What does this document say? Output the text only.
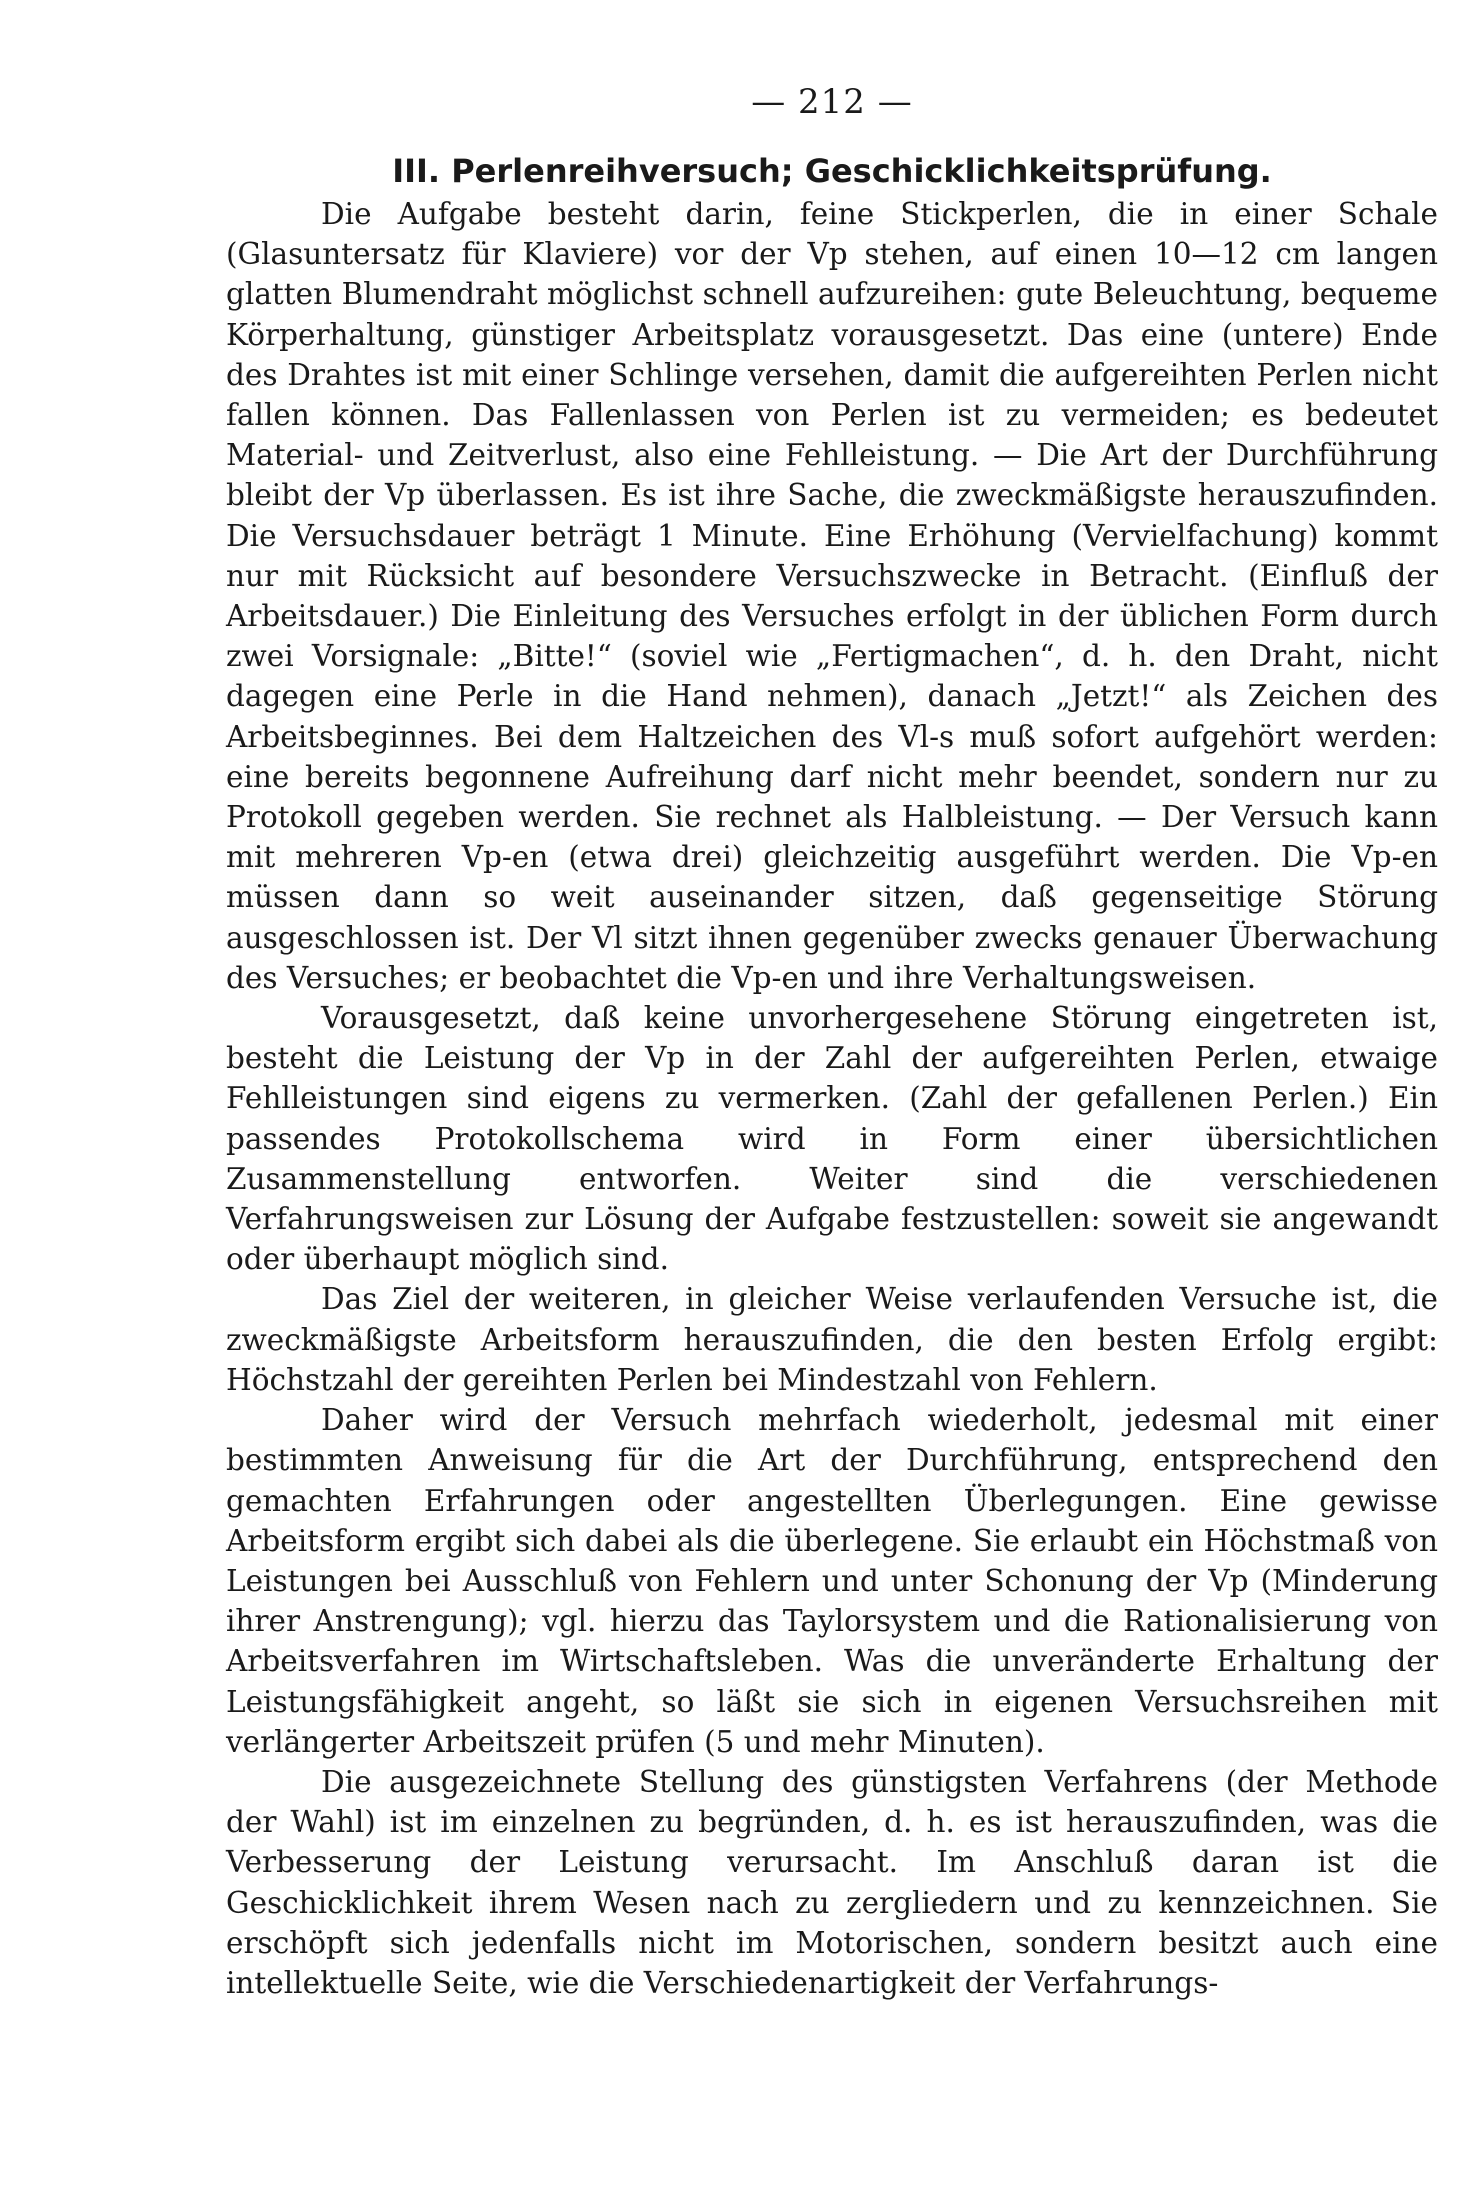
— 212 —
III. Perlenreihversuch; Geschicklichkeitsprüfung.

Die Aufgabe besteht darin, feine Stickperlen, die in einer Schale (Glasuntersatz für Klaviere) vor der Vp stehen, auf einen 10—12 cm langen glatten Blumendraht möglichst schnell aufzureihen: gute Beleuchtung, bequeme Körperhaltung, günstiger Arbeitsplatz vorausgesetzt. Das eine (untere) Ende des Drahtes ist mit einer Schlinge versehen, damit die aufgereihten Perlen nicht fallen können. Das Fallenlassen von Perlen ist zu vermeiden; es bedeutet Material- und Zeitverlust, also eine Fehlleistung. — Die Art der Durchführung bleibt der Vp überlassen. Es ist ihre Sache, die zweckmäßigste herauszufinden. Die Versuchsdauer beträgt 1 Minute. Eine Erhöhung (Vervielfachung) kommt nur mit Rücksicht auf besondere Versuchszwecke in Betracht. (Einfluß der Arbeitsdauer.) Die Einleitung des Versuches erfolgt in der üblichen Form durch zwei Vorsignale: „Bitte!“ (soviel wie „Fertigmachen“, d. h. den Draht, nicht dagegen eine Perle in die Hand nehmen), danach „Jetzt!“ als Zeichen des Arbeitsbeginnes. Bei dem Haltzeichen des Vl-s muß sofort aufgehört werden: eine bereits begonnene Aufreihung darf nicht mehr beendet, sondern nur zu Protokoll gegeben werden. Sie rechnet als Halbleistung. — Der Versuch kann mit mehreren Vp-en (etwa drei) gleichzeitig ausgeführt werden. Die Vp-en müssen dann so weit auseinander sitzen, daß gegenseitige Störung ausgeschlossen ist. Der Vl sitzt ihnen gegenüber zwecks genauer Überwachung des Versuches; er beobachtet die Vp-en und ihre Verhaltungsweisen.

Vorausgesetzt, daß keine unvorhergesehene Störung eingetreten ist, besteht die Leistung der Vp in der Zahl der aufgereihten Perlen, etwaige Fehlleistungen sind eigens zu vermerken. (Zahl der gefallenen Perlen.) Ein passendes Protokollschema wird in Form einer übersichtlichen Zusammenstellung entworfen. Weiter sind die verschiedenen Verfahrungsweisen zur Lösung der Aufgabe festzustellen: soweit sie angewandt oder überhaupt möglich sind.

Das Ziel der weiteren, in gleicher Weise verlaufenden Versuche ist, die zweckmäßigste Arbeitsform herauszufinden, die den besten Erfolg ergibt: Höchstzahl der gereihten Perlen bei Mindestzahl von Fehlern.

Daher wird der Versuch mehrfach wiederholt, jedesmal mit einer bestimmten Anweisung für die Art der Durchführung, entsprechend den gemachten Erfahrungen oder angestellten Überlegungen. Eine gewisse Arbeitsform ergibt sich dabei als die überlegene. Sie erlaubt ein Höchstmaß von Leistungen bei Ausschluß von Fehlern und unter Schonung der Vp (Minderung ihrer Anstrengung); vgl. hierzu das Taylorsystem und die Rationalisierung von Arbeitsverfahren im Wirtschaftsleben. Was die unveränderte Erhaltung der Leistungsfähigkeit angeht, so läßt sie sich in eigenen Versuchsreihen mit verlängerter Arbeitszeit prüfen (5 und mehr Minuten).

Die ausgezeichnete Stellung des günstigsten Verfahrens (der Methode der Wahl) ist im einzelnen zu begründen, d. h. es ist herauszufinden, was die Verbesserung der Leistung verursacht. Im Anschluß daran ist die Geschicklichkeit ihrem Wesen nach zu zergliedern und zu kennzeichnen. Sie erschöpft sich jedenfalls nicht im Motorischen, sondern besitzt auch eine intellektuelle Seite, wie die Verschiedenartigkeit der Verfahrungs-
